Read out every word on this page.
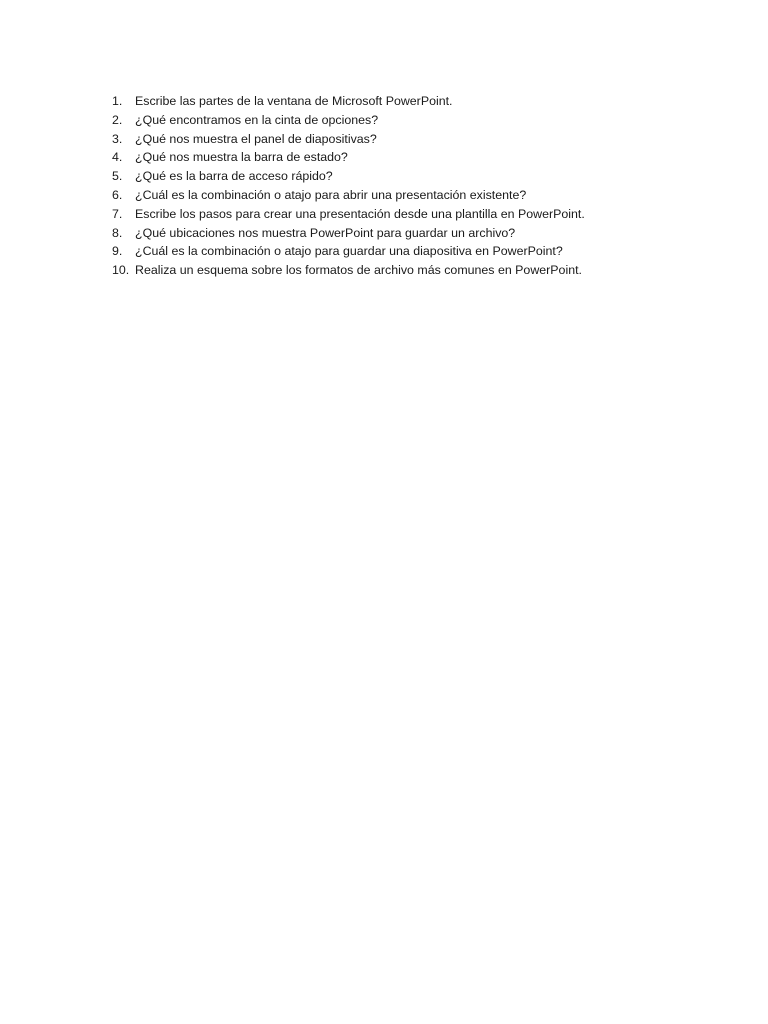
1.	Escribe las partes de la ventana de Microsoft PowerPoint.
2.	¿Qué encontramos en la cinta de opciones?
3.	¿Qué nos muestra el panel de diapositivas?
4.	¿Qué nos muestra la barra de estado?
5.	¿Qué es la barra de acceso rápido?
6.	¿Cuál es la combinación o atajo para abrir una presentación existente?
7.	Escribe los pasos para crear una presentación desde una plantilla en PowerPoint.
8.	¿Qué ubicaciones nos muestra PowerPoint para guardar un archivo?
9.	¿Cuál es la combinación o atajo para guardar una diapositiva en PowerPoint?
10. Realiza un esquema sobre los formatos de archivo más comunes en PowerPoint.
